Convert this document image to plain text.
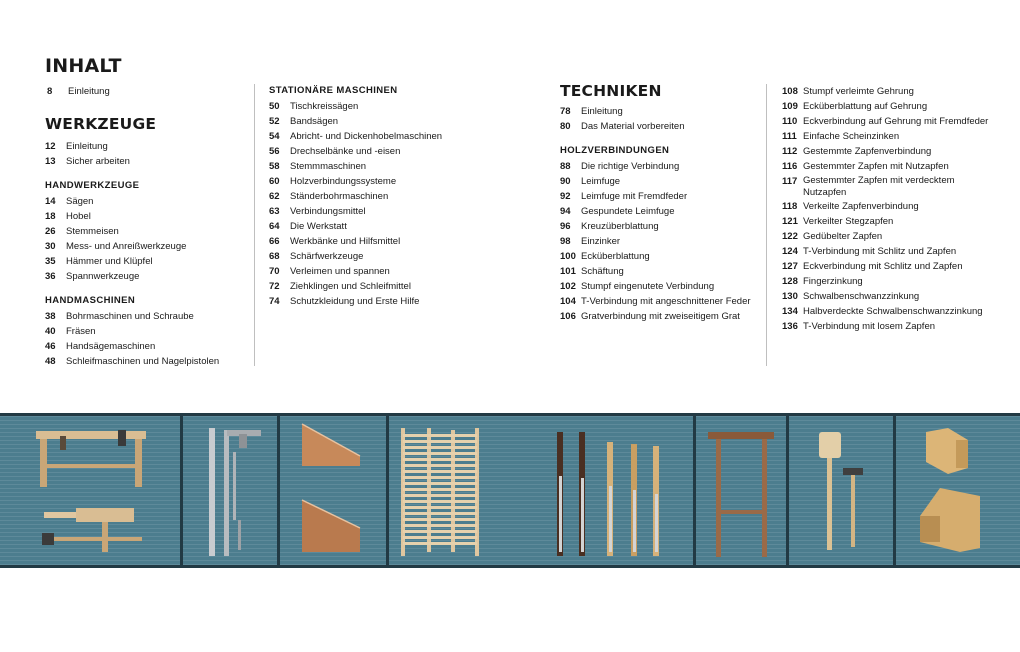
INHALT
8	Einleitung
WERKZEUGE
12	Einleitung
13	Sicher arbeiten
HANDWERKZEUGE
14	Sägen
18	Hobel
26	Stemmeisen
30	Mess- und Anreißwerkzeuge
35	Hämmer und Klüpfel
36	Spannwerkzeuge
HANDMASCHINEN
38	Bohrmaschinen und Schraube
40	Fräsen
46	Handsägemaschinen
48	Schleifmaschinen und Nagelpistolen
STATIONÄRE MASCHINEN
50	Tischkreissägen
52	Bandsägen
54	Abricht- und Dickenhobelmaschinen
56	Drechselbänke und -eisen
58	Stemmmaschinen
60	Holzverbindungssysteme
62	Ständerbohrmaschinen
63	Verbindungsmittel
64	Die Werkstatt
66	Werkbänke und Hilfsmittel
68	Schärfwerkzeuge
70	Verleimen und spannen
72	Ziehklingen und Schleifmittel
74	Schutzkleidung und Erste Hilfe
TECHNIKEN
78	Einleitung
80	Das Material vorbereiten
HOLZVERBINDUNGEN
88	Die richtige Verbindung
90	Leimfuge
92	Leimfuge mit Fremdfeder
94	Gespundete Leimfuge
96	Kreuzüberblattung
98	Einzinker
100 Ecküberblattung
101 Schäftung
102 Stumpf eingenutete Verbindung
104 T-Verbindung mit angeschnittener Feder
106 Gratverbindung mit zweiseitigem Grat
108 Stumpf verleimte Gehrung
109 Ecküberblattung auf Gehrung
110 Eckverbindung auf Gehrung mit Fremdfeder
111 Einfache Scheinzinken
112 Gestemmte Zapfenverbindung
116 Gestemmter Zapfen mit Nutzapfen
117 Gestemmter Zapfen mit verdecktem Nutzapfen
118 Verkeilte Zapfenverbindung
121 Verkeilter Stegzapfen
122 Gedübelter Zapfen
124 T-Verbindung mit Schlitz und Zapfen
127 Eckverbindung mit Schlitz und Zapfen
128 Fingerzinkung
130 Schwalbenschwanzzinkung
134 Halbverdeckte Schwalbenschwanzzinkung
136 T-Verbindung mit losem Zapfen
